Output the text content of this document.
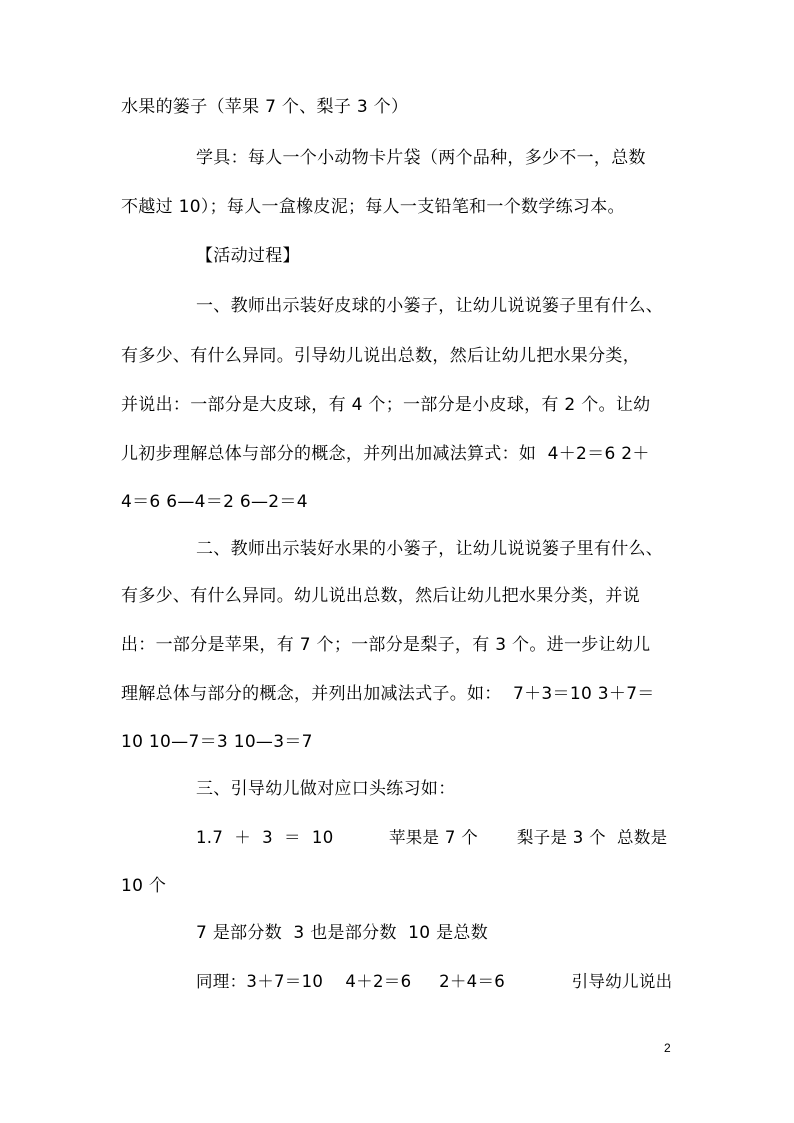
水果的篓子（苹果 7 个、梨子 3 个）
学具：每人一个小动物卡片袋（两个品种，多少不一，总数
不越过 10）；每人一盒橡皮泥；每人一支铅笔和一个数学练习本。
【活动过程】
一、教师出示装好皮球的小篓子，让幼儿说说篓子里有什么、
有多少、有什么异同。引导幼儿说出总数，然后让幼儿把水果分类，
并说出：一部分是大皮球，有 4 个；一部分是小皮球，有 2 个。让幼
儿初步理解总体与部分的概念，并列出加减法算式：如  4＋2＝6 2＋
4＝6 6—4＝2 6—2＝4
二、教师出示装好水果的小篓子，让幼儿说说篓子里有什么、
有多少、有什么异同。幼儿说出总数，然后让幼儿把水果分类，并说
出：一部分是苹果，有 7 个；一部分是梨子，有 3 个。进一步让幼儿
理解总体与部分的概念，并列出加减法式子。如：  7＋3＝10 3＋7＝
10 10—7＝3 10—3＝7
三、引导幼儿做对应口头练习如：
1.7  ＋  3  ＝  10          苹果是 7 个       梨子是 3 个  总数是
10 个
7 是部分数  3 也是部分数  10 是总数
同理：3＋7＝10    4＋2＝6     2＋4＝6            引导幼儿说出
2
